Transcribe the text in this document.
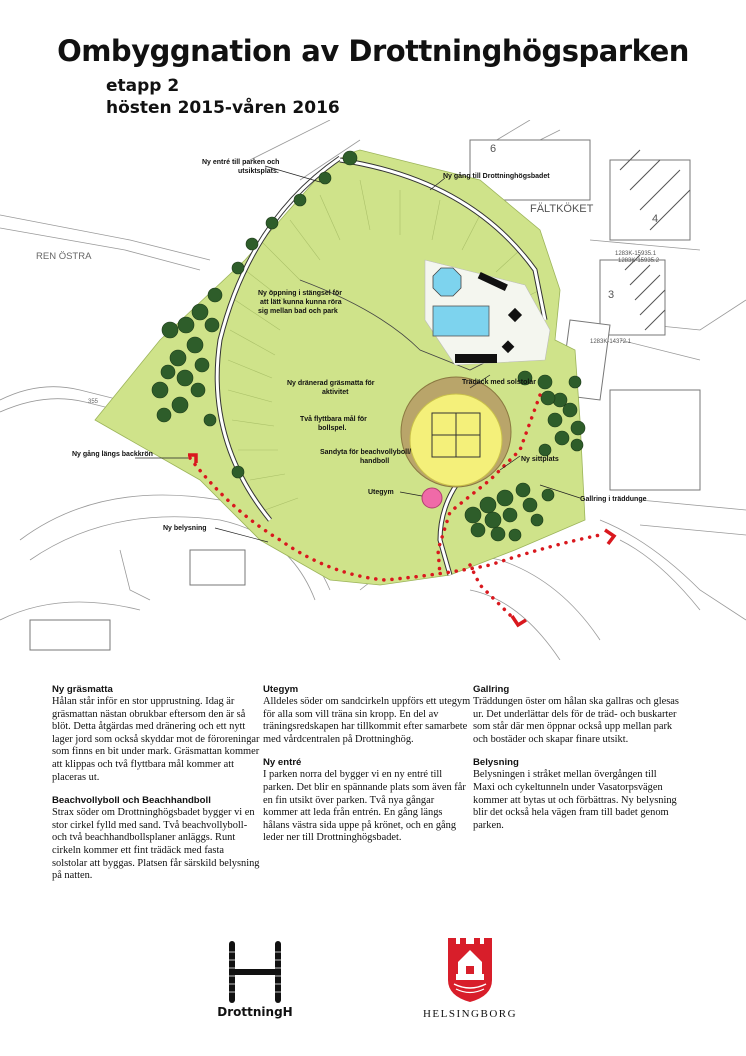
Ombyggnation av Drottninghögsparken
etapp 2
hösten 2015-våren 2016
6
FÄLTKÖKET
4
3
1283K-15935.1
1283K-15935.2
1283K-14372.1
REN ÖSTRA
355
Ny entré till parken och
utsiktsplats.
Ny gång till Drottninghögsbadet
Ny öppning i stängsel för
att lätt kunna kunna röra
sig mellan bad och park
Ny dränerad gräsmatta för
aktivitet
Två flyttbara mål för
bollspel.
Trädäck med solstolar
Sandyta för beachvollyboll/
handboll	Ny sittplats
Utegym
Gallring i träddunge
Ny gång längs backkrön
Ny belysning
Ny gräsmatta

Hålan står inför en stor upprustning. Idag är gräsmattan nästan obrukbar eftersom den är så blöt. Detta åtgärdas med dränering och ett nytt lager jord som också skyddar mot de föroreningar som finns en bit under mark. Gräsmattan kommer att klippas och två flyttbara mål kommer att placeras ut.

Beachvollyboll och Beachhandboll

Strax söder om Drottninghögsbadet bygger vi en stor cirkel fylld med sand. Två beachvollyboll- och två beachhandbollsplaner anläggs. Runt cirkeln kommer ett fint trädäck med fasta solstolar att byggas. Platsen får särskild belysning på natten.

Utegym

Alldeles söder om sandcirkeln uppförs ett utegym för alla som vill träna sin kropp. En del av träningsredskapen har tillkommit efter samarbete med vårdcentralen på Drottninghög.

Ny entré

I parken norra del bygger vi en ny entré till parken. Det blir en spännande plats som även får en fin utsikt över parken. Två nya gångar kommer att leda från entrén. En gång längs hålans västra sida uppe på krönet, och en gång leder ner till Drottninghögsbadet.

Gallring

Träddungen öster om hålan ska gallras och glesas ur. Det underlättar dels för de träd- och buskarter som står där men öppnar också upp mellan park och bostäder och skapar finare utsikt.

Belysning

Belysningen i stråket mellan övergången till Maxi och cykeltunneln under Vasatorpsvägen kommer att bytas ut och förbättras. Ny belysning blir det också hela vägen fram till badet genom parken.

DrottningH	HELSINGBORG
